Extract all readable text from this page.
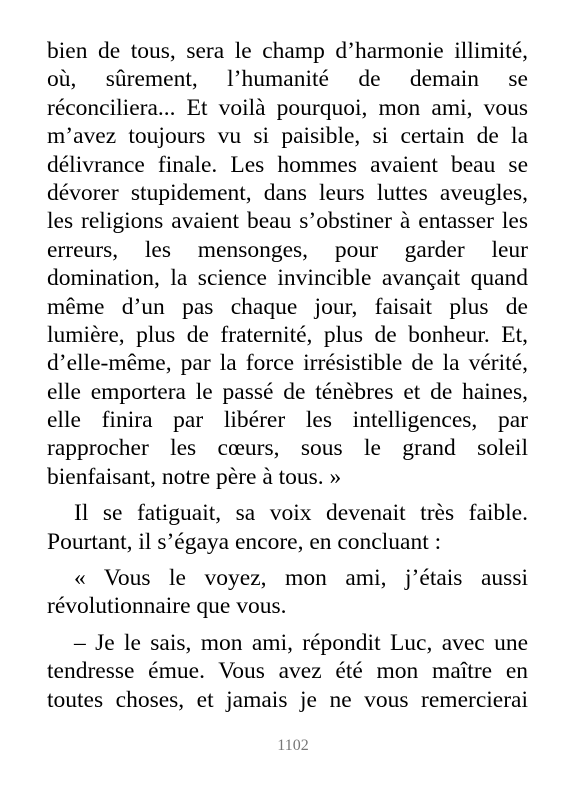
bien de tous, sera le champ d’harmonie illimité,
où, sûrement, l’humanité de demain se
réconciliera... Et voilà pourquoi, mon ami, vous
m’avez toujours vu si paisible, si certain de la
délivrance finale. Les hommes avaient beau se
dévorer stupidement, dans leurs luttes aveugles,
les religions avaient beau s’obstiner à entasser les
erreurs, les mensonges, pour garder leur
domination, la science invincible avançait quand
même d’un pas chaque jour, faisait plus de
lumière, plus de fraternité, plus de bonheur. Et,
d’elle-même, par la force irrésistible de la vérité,
elle emportera le passé de ténèbres et de haines,
elle finira par libérer les intelligences, par
rapprocher les cœurs, sous le grand soleil
bienfaisant, notre père à tous. »

Il se fatiguait, sa voix devenait très faible.
Pourtant, il s’égaya encore, en concluant :

« Vous le voyez, mon ami, j’étais aussi
révolutionnaire que vous.

– Je le sais, mon ami, répondit Luc, avec une
tendresse émue. Vous avez été mon maître en
toutes choses, et jamais je ne vous remercierai

1102
